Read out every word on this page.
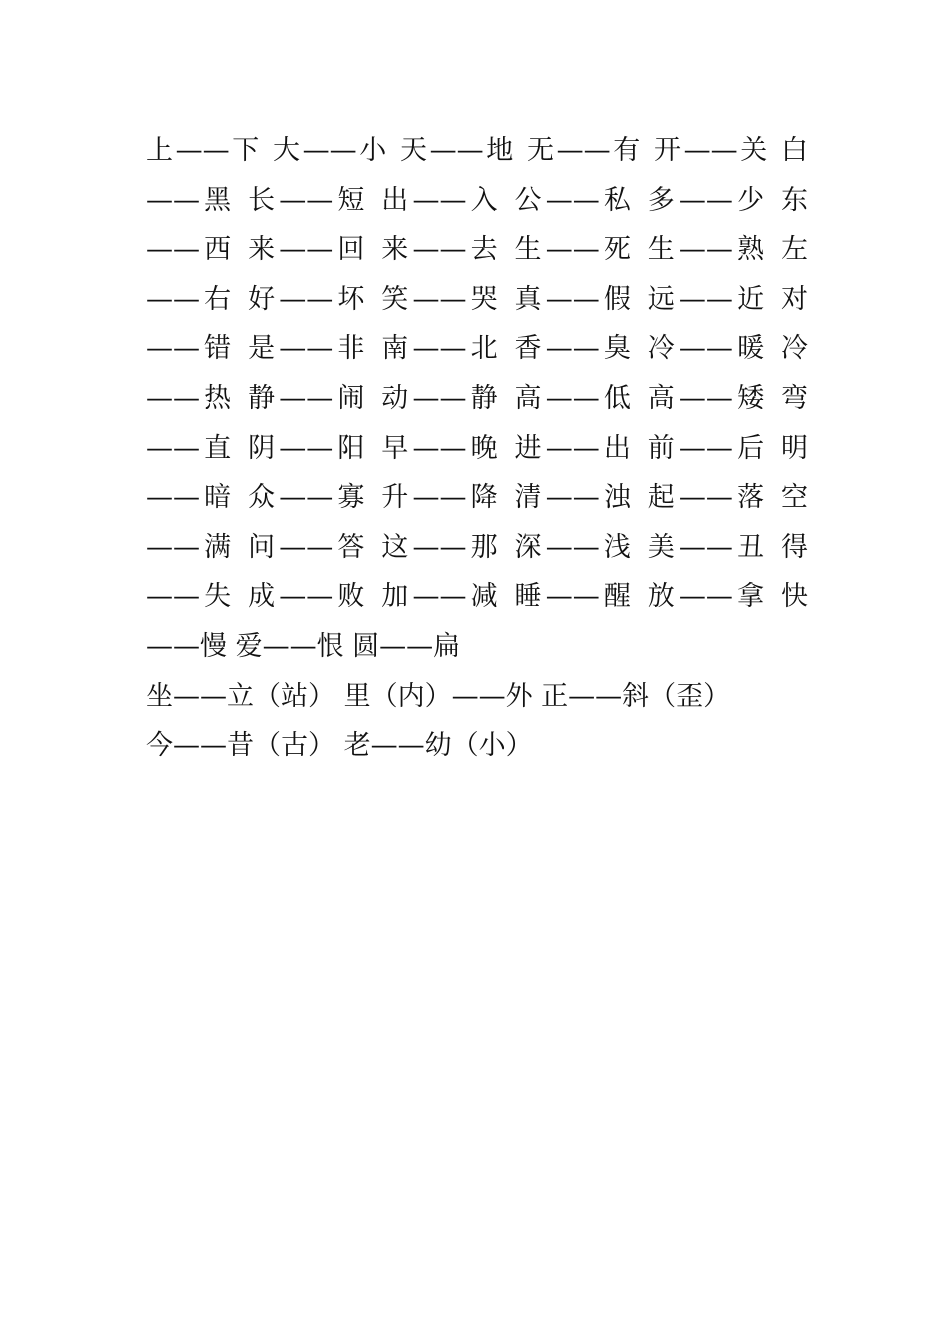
上——下 大——小 天——地 无——有 开——关 白
——黑 长——短 出——入 公——私 多——少 东
——西 来——回 来——去 生——死 生——熟 左
——右 好——坏 笑——哭 真——假 远——近 对
——错 是——非 南——北 香——臭 冷——暖 冷
——热 静——闹 动——静 高——低 高——矮 弯
——直 阴——阳 早——晚 进——出 前——后 明
——暗 众——寡 升——降 清——浊 起——落 空
——满 问——答 这——那 深——浅 美——丑 得
——失 成——败 加——减 睡——醒 放——拿 快
——慢 爱——恨 圆——扁
坐——立（站） 里（内）——外 正——斜（歪）
今——昔（古） 老——幼（小）
